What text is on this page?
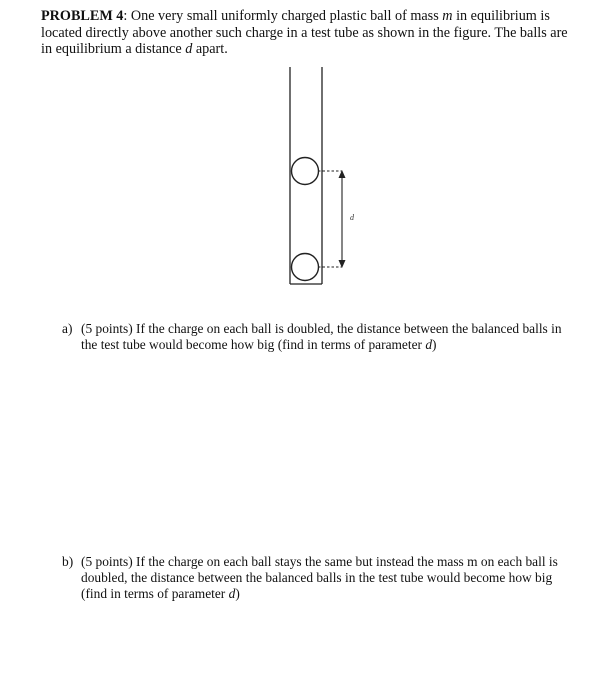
PROBLEM 4: One very small uniformly charged plastic ball of mass m in equilibrium is located directly above another such charge in a test tube as shown in the figure. The balls are in equilibrium a distance d apart.
d
a) (5 points) If the charge on each ball is doubled, the distance between the balanced balls in the test tube would become how big (find in terms of parameter d)
b) (5 points) If the charge on each ball stays the same but instead the mass m on each ball is doubled, the distance between the balanced balls in the test tube would become how big (find in terms of parameter d)
